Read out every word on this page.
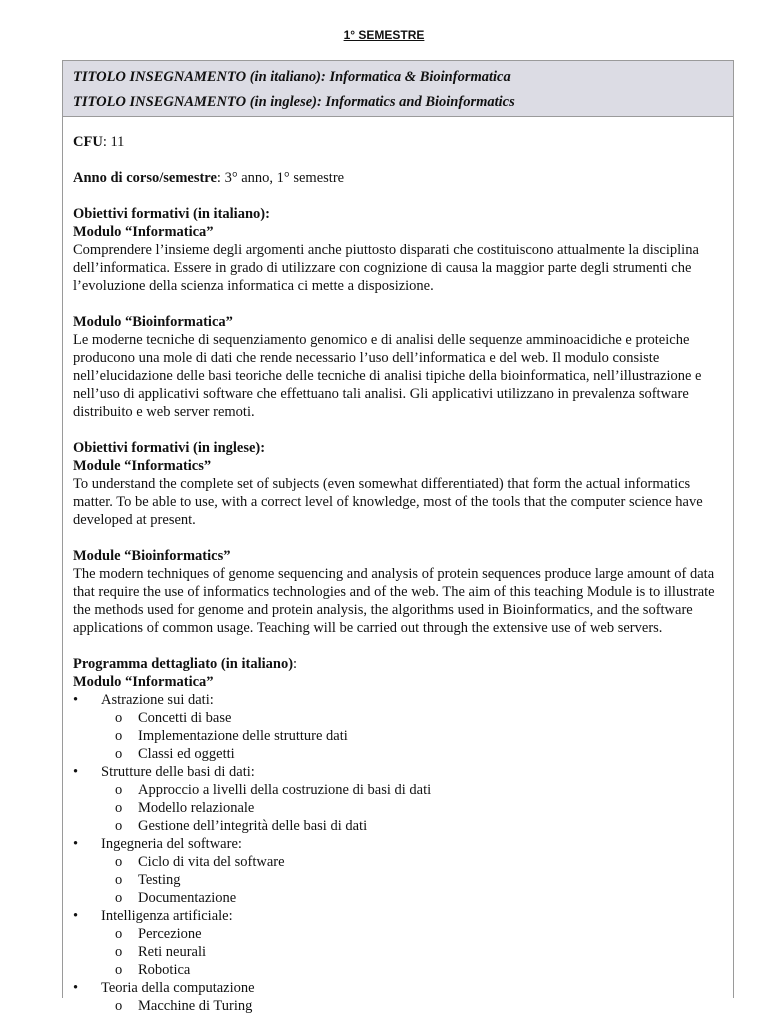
1° SEMESTRE
TITOLO INSEGNAMENTO (in italiano): Informatica & Bioinformatica
TITOLO INSEGNAMENTO (in inglese): Informatics and Bioinformatics

CFU: 11

Anno di corso/semestre: 3° anno, 1° semestre

Obiettivi formativi (in italiano):

Modulo “Informatica”

Comprendere l’insieme degli argomenti anche piuttosto disparati che costituiscono attualmente la disciplina dell’informatica. Essere in grado di utilizzare con cognizione di causa la maggior parte degli strumenti che l’evoluzione della scienza informatica ci mette a disposizione.

Modulo “Bioinformatica”

Le moderne tecniche di sequenziamento genomico e di analisi delle sequenze amminoacidiche e proteiche producono una mole di dati che rende necessario l’uso dell’informatica e del web. Il modulo consiste nell’elucidazione delle basi teoriche delle tecniche di analisi tipiche della bioinformatica, nell’illustrazione e nell’uso di applicativi software che effettuano tali analisi. Gli applicativi utilizzano in prevalenza software distribuito e web server remoti.

Obiettivi formativi (in inglese):

Module “Informatics”

To understand the complete set of subjects (even somewhat differentiated) that form the actual informatics matter. To be able to use, with a correct level of knowledge, most of the tools that the computer science have developed at present.

Module “Bioinformatics”

The modern techniques of genome sequencing and analysis of protein sequences produce large amount of data that require the use of informatics technologies and of the web. The aim of this teaching Module is to illustrate the methods used for genome and protein analysis, the algorithms used in Bioinformatics, and the software applications of common usage. Teaching will be carried out through the extensive use of web servers.

Programma dettagliato (in italiano):

Modulo “Informatica”

• Astrazione sui dati:
o Concetti di base
o Implementazione delle strutture dati
o Classi ed oggetti
• Strutture delle basi di dati:
o Approccio a livelli della costruzione di basi di dati
o Modello relazionale
o Gestione dell’integrità delle basi di dati
• Ingegneria del software:
o Ciclo di vita del software
o Testing
o Documentazione
• Intelligenza artificiale:
o Percezione
o Reti neurali
o Robotica
• Teoria della computazione
o Macchine di Turing
